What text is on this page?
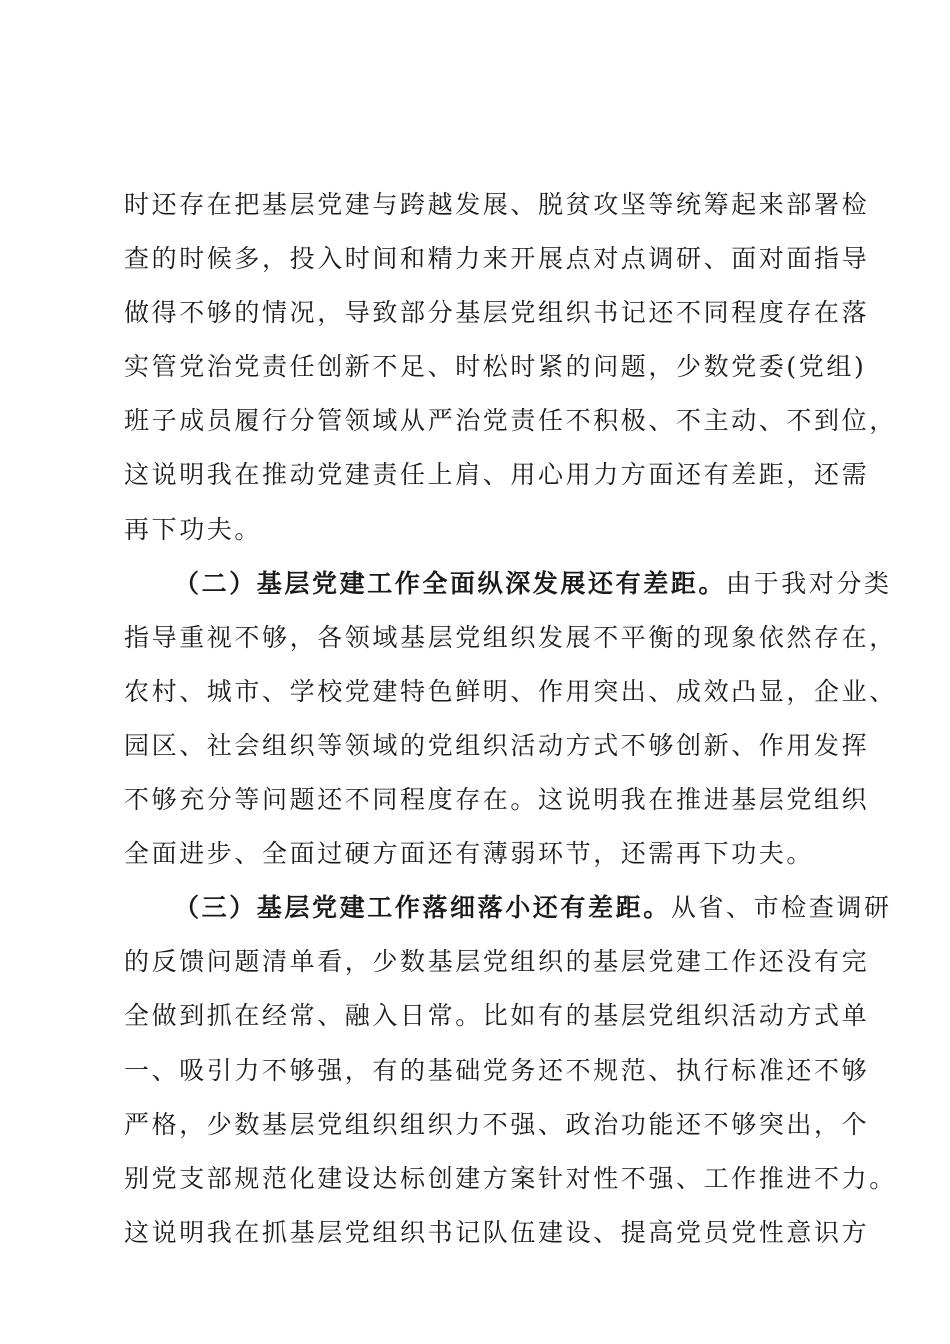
时还存在把基层党建与跨越发展、脱贫攻坚等统筹起来部署检
查的时候多，投入时间和精力来开展点对点调研、面对面指导
做得不够的情况，导致部分基层党组织书记还不同程度存在落
实管党治党责任创新不足、时松时紧的问题，少数党委(党组)
班子成员履行分管领域从严治党责任不积极、不主动、不到位，
这说明我在推动党建责任上肩、用心用力方面还有差距，还需
再下功夫。
（二）基层党建工作全面纵深发展还有差距。由于我对分类
指导重视不够，各领域基层党组织发展不平衡的现象依然存在，
农村、城市、学校党建特色鲜明、作用突出、成效凸显，企业、
园区、社会组织等领域的党组织活动方式不够创新、作用发挥
不够充分等问题还不同程度存在。这说明我在推进基层党组织
全面进步、全面过硬方面还有薄弱环节，还需再下功夫。
（三）基层党建工作落细落小还有差距。从省、市检查调研
的反馈问题清单看，少数基层党组织的基层党建工作还没有完
全做到抓在经常、融入日常。比如有的基层党组织活动方式单
一、吸引力不够强，有的基础党务还不规范、执行标准还不够
严格，少数基层党组织组织力不强、政治功能还不够突出，个
别党支部规范化建设达标创建方案针对性不强、工作推进不力。
这说明我在抓基层党组织书记队伍建设、提高党员党性意识方
